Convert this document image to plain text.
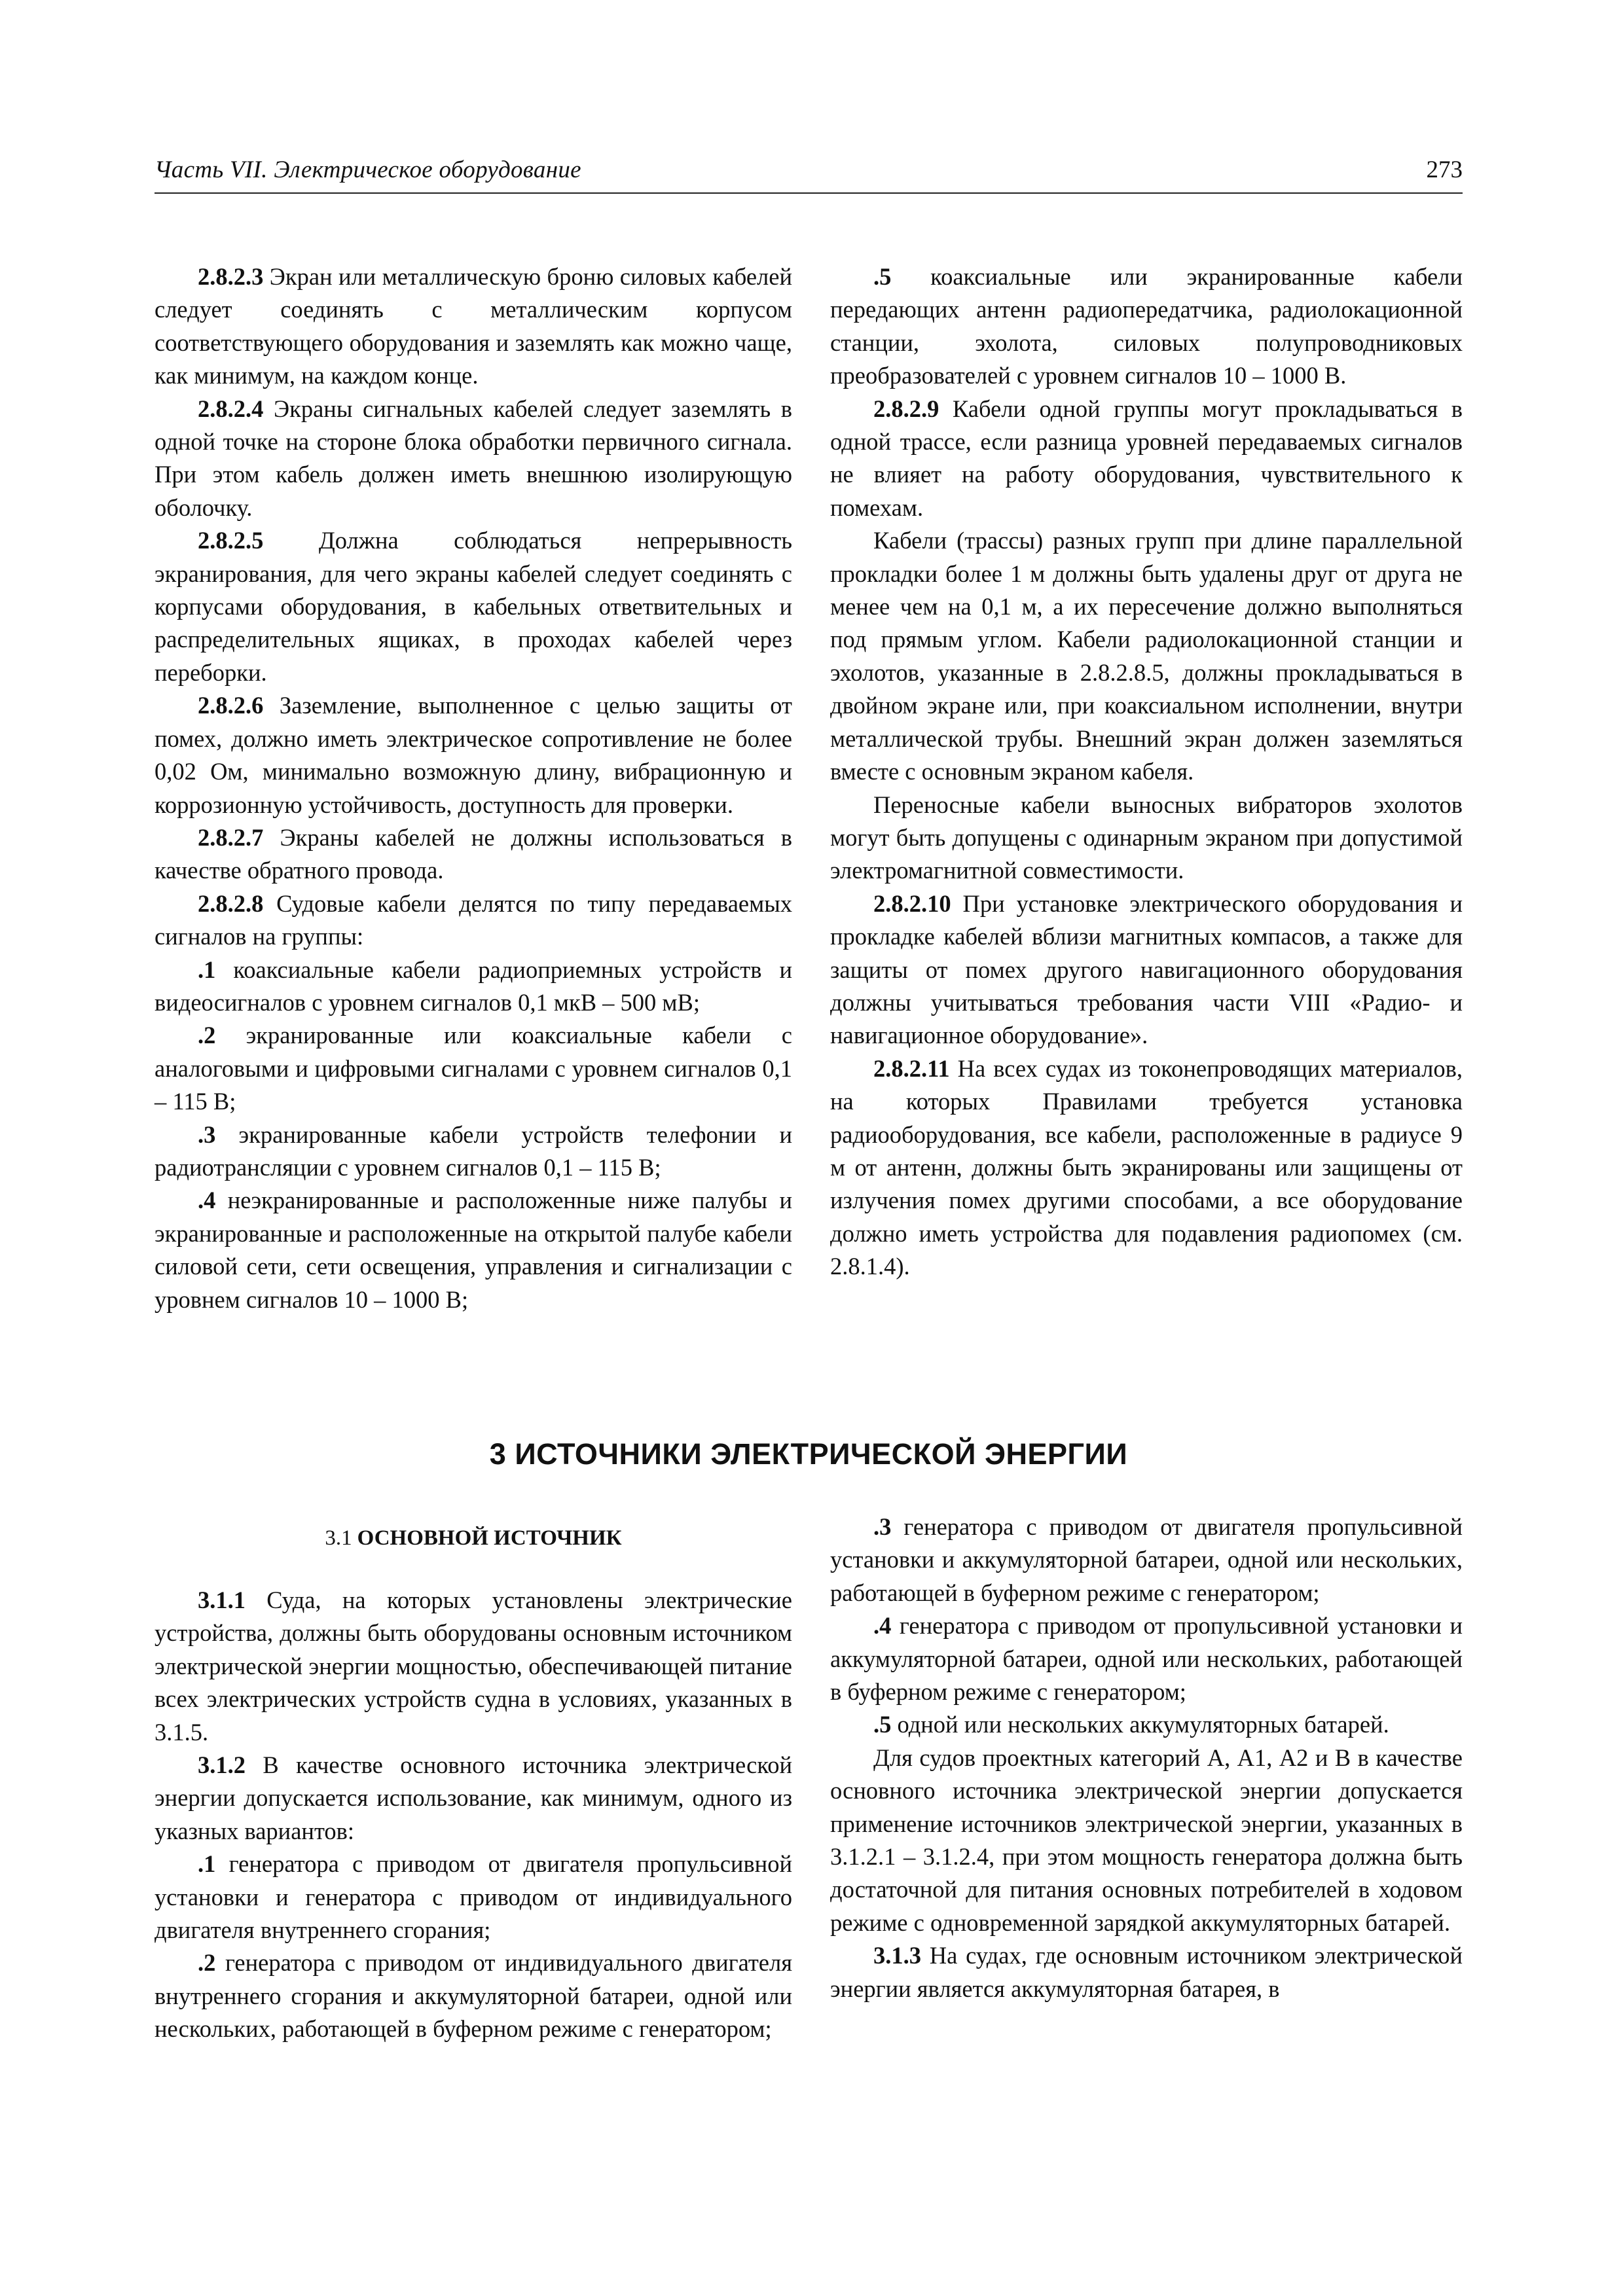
Часть VII. Электрическое оборудование	273

2.8.2.3 Экран или металлическую броню силовых кабелей следует соединять с металлическим корпусом соответствующего оборудования и заземлять как можно чаще, как минимум, на каждом конце.

2.8.2.4 Экраны сигнальных кабелей следует заземлять в одной точке на стороне блока обработки первичного сигнала. При этом кабель должен иметь внешнюю изолирующую оболочку.

2.8.2.5 Должна соблюдаться непрерывность экранирования, для чего экраны кабелей следует соединять с корпусами оборудования, в кабельных ответвительных и распределительных ящиках, в проходах кабелей через переборки.

2.8.2.6 Заземление, выполненное с целью защиты от помех, должно иметь электрическое сопротивление не более 0,02 Ом, минимально возможную длину, вибрационную и коррозионную устойчивость, доступность для проверки.

2.8.2.7 Экраны кабелей не должны использоваться в качестве обратного провода.

2.8.2.8 Судовые кабели делятся по типу передаваемых сигналов на группы:

.1 коаксиальные кабели радиоприемных устройств и видеосигналов с уровнем сигналов 0,1 мкВ – 500 мВ;

.2 экранированные или коаксиальные кабели с аналоговыми и цифровыми сигналами с уровнем сигналов 0,1 – 115 В;

.3 экранированные кабели устройств телефонии и радиотрансляции с уровнем сигналов 0,1 – 115 В;

.4 неэкранированные и расположенные ниже палубы и экранированные и расположенные на открытой палубе кабели силовой сети, сети освещения, управления и сигнализации с уровнем сигналов 10 – 1000 В;

.5 коаксиальные или экранированные кабели передающих антенн радиопередатчика, радиолокационной станции, эхолота, силовых полупроводниковых преобразователей с уровнем сигналов 10 – 1000 В.

2.8.2.9 Кабели одной группы могут прокладываться в одной трассе, если разница уровней передаваемых сигналов не влияет на работу оборудования, чувствительного к помехам.

Кабели (трассы) разных групп при длине параллельной прокладки более 1 м должны быть удалены друг от друга не менее чем на 0,1 м, а их пересечение должно выполняться под прямым углом. Кабели радиолокационной станции и эхолотов, указанные в 2.8.2.8.5, должны прокладываться в двойном экране или, при коаксиальном исполнении, внутри металлической трубы. Внешний экран должен заземляться вместе с основным экраном кабеля.

Переносные кабели выносных вибраторов эхолотов могут быть допущены с одинарным экраном при допустимой электромагнитной совместимости.

2.8.2.10 При установке электрического оборудования и прокладке кабелей вблизи магнитных компасов, а также для защиты от помех другого навигационного оборудования должны учитываться требования части VIII «Радио- и навигационное оборудование».

2.8.2.11 На всех судах из токонепроводящих материалов, на которых Правилами требуется установка радиооборудования, все кабели, расположенные в радиусе 9 м от антенн, должны быть экранированы или защищены от излучения помех другими способами, а все оборудование должно иметь устройства для подавления радиопомех (см. 2.8.1.4).

3 ИСТОЧНИКИ ЭЛЕКТРИЧЕСКОЙ ЭНЕРГИИ
3.1 ОСНОВНОЙ ИСТОЧНИК

3.1.1 Суда, на которых установлены электрические устройства, должны быть оборудованы основным источником электрической энергии мощностью, обеспечивающей питание всех электрических устройств судна в условиях, указанных в 3.1.5.

3.1.2 В качестве основного источника электрической энергии допускается использование, как минимум, одного из указных вариантов:

.1 генератора с приводом от двигателя пропульсивной установки и генератора с приводом от индивидуального двигателя внутреннего сгорания;

.2 генератора с приводом от индивидуального двигателя внутреннего сгорания и аккумуляторной батареи, одной или нескольких, работающей в буферном режиме с генератором;

.3 генератора с приводом от двигателя пропульсивной установки и аккумуляторной батареи, одной или нескольких, работающей в буферном режиме с генератором;

.4 генератора с приводом от пропульсивной установки и аккумуляторной батареи, одной или нескольких, работающей в буферном режиме с генератором;

.5 одной или нескольких аккумуляторных батарей.

Для судов проектных категорий А, А1, А2 и В в качестве основного источника электрической энергии допускается применение источников электрической энергии, указанных в 3.1.2.1 – 3.1.2.4, при этом мощность генератора должна быть достаточной для питания основных потребителей в ходовом режиме с одновременной зарядкой аккумуляторных батарей.

3.1.3 На судах, где основным источником электрической энергии является аккумуляторная батарея, в
